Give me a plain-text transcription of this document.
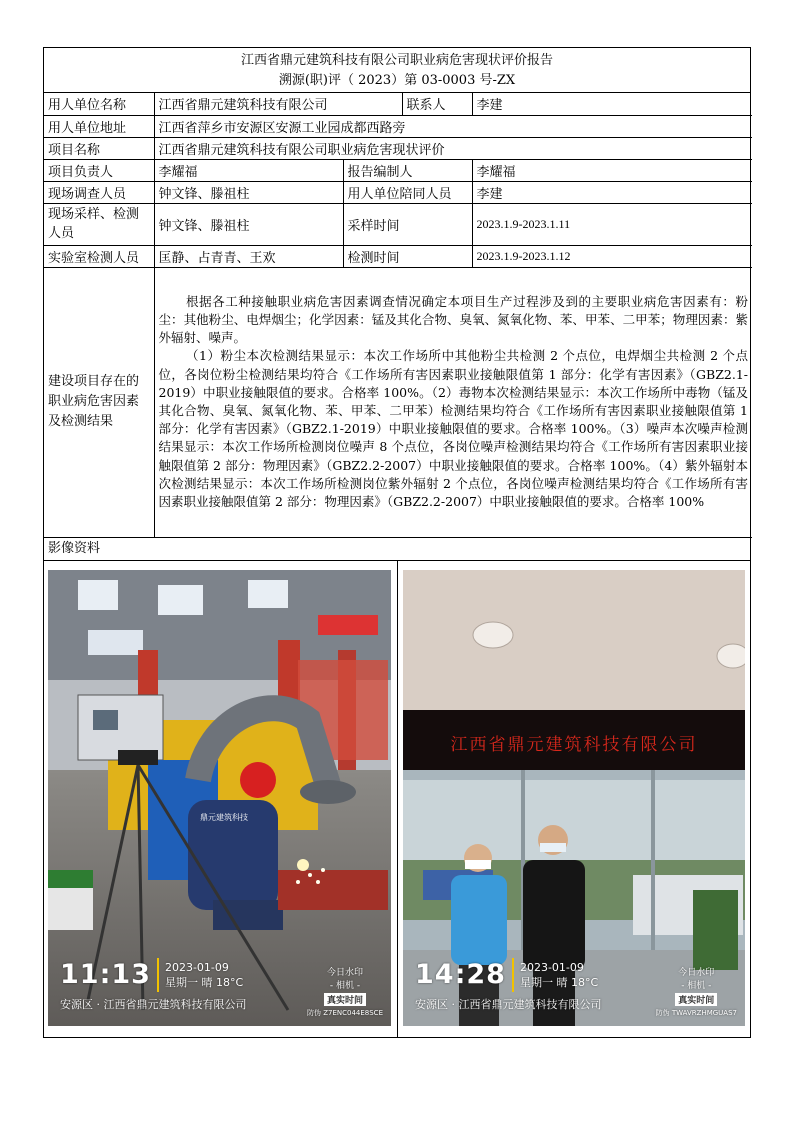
江西省鼎元建筑科技有限公司职业病危害现状评价报告
溯源(职)评（ 2023）第 03-0003 号-ZX
用人单位名称	江西省鼎元建筑科技有限公司		联系人	李建
用人单位地址	江西省萍乡市安源区安源工业园成都西路旁			
项目名称	江西省鼎元建筑科技有限公司职业病危害现状评价			
项目负责人	李耀福	报告编制人		李耀福
现场调查人员	钟文锋、滕祖柱	用人单位陪同人员		李建
现场采样、检测人员	钟文锋、滕祖柱	采样时间		2023.1.9-2023.1.11
实验室检测人员	匡静、占青青、王欢	检测时间		2023.1.9-2023.1.12
建设项目存在的职业病危害因素及检测结果	根据各工种接触职业病危害因素调查情况确定本项目生产过程涉及到的主要职业病危害因素有：粉尘：其他粉尘、电焊烟尘；化学因素：锰及其化合物、臭氧、氮氧化物、苯、甲苯、二甲苯；物理因素：紫外辐射、噪声。

（1）粉尘本次检测结果显示：本次工作场所中其他粉尘共检测 2 个点位，电焊烟尘共检测 2 个点位，各岗位粉尘检测结果均符合《工作场所有害因素职业接触限值第 1 部分：化学有害因素》（GBZ2.1-2019）中职业接触限值的要求。合格率 100%。（2）毒物本次检测结果显示：本次工作场所中毒物（锰及其化合物、臭氧、氮氧化物、苯、甲苯、二甲苯）检测结果均符合《工作场所有害因素职业接触限值第 1 部分：化学有害因素》（GBZ2.1-2019）中职业接触限值的要求。合格率 100%。（3）噪声本次噪声检测结果显示：本次工作场所检测岗位噪声 8 个点位，各岗位噪声检测结果均符合《工作场所有害因素职业接触限值第 2 部分：物理因素》（GBZ2.2-2007）中职业接触限值的要求。合格率 100%。（4）紫外辐射本次检测结果显示：本次工作场所检测岗位紫外辐射 2 个点位，各岗位噪声检测结果均符合《工作场所有害因素职业接触限值第 2 部分：物理因素》（GBZ2.2-2007）中职业接触限值的要求。合格率 100%			

影像资料
鼎元建筑科技
11:13 2023-01-09
星期一 晴 18°C
安源区 · 江西省鼎元建筑科技有限公司
今日水印
- 相机 -
真实时间
防伪 Z7ENC044E8SCE
江西省鼎元建筑科技有限公司
14:28 2023-01-09
星期一 晴 18°C
安源区 · 江西省鼎元建筑科技有限公司
今日水印
- 相机 -
真实时间
防伪 TWAVRZHMGUAS7
